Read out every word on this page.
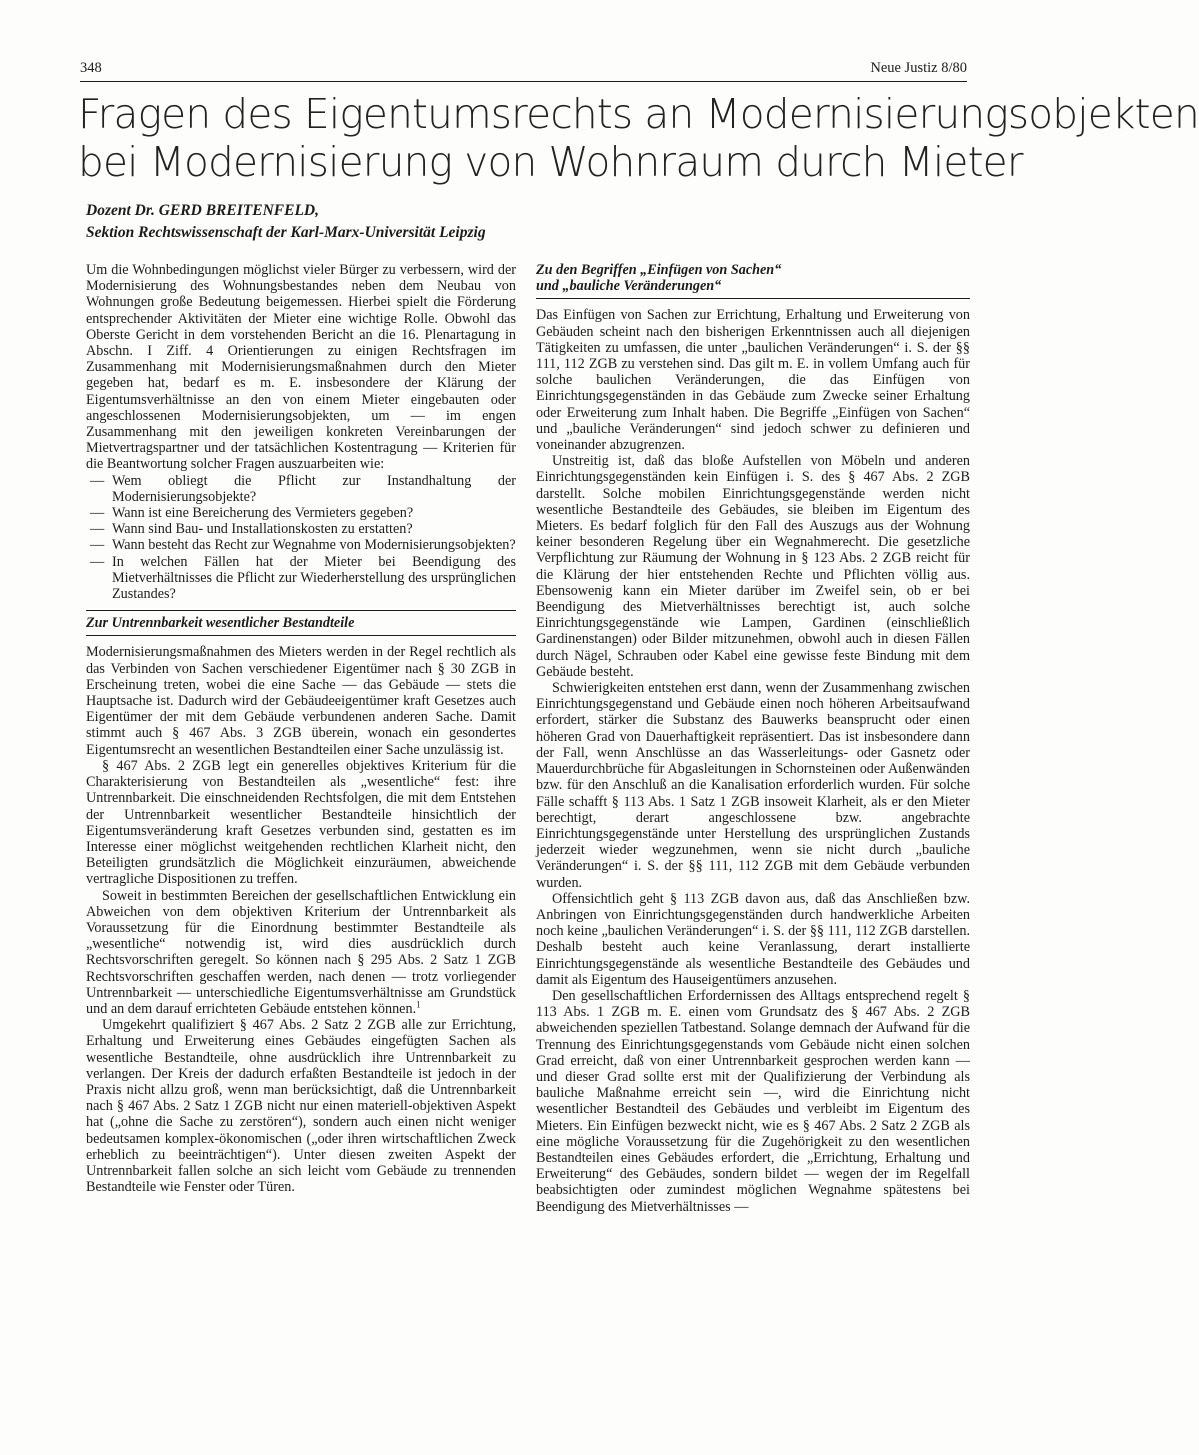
348	Neue Justiz 8/80
Fragen des Eigentumsrechts an Modernisierungsobjekten
bei Modernisierung von Wohnraum durch Mieter
Dozent Dr. GERD BREITENFELD,
Sektion Rechtswissenschaft der Karl-Marx-Universität Leipzig

Um die Wohnbedingungen möglichst vieler Bürger zu verbessern, wird der Modernisierung des Wohnungsbestandes neben dem Neubau von Wohnungen große Bedeutung beigemessen. Hierbei spielt die Förderung entsprechender Aktivitäten der Mieter eine wichtige Rolle. Obwohl das Oberste Gericht in dem vorstehenden Bericht an die 16. Plenartagung in Abschn. I Ziff. 4 Orientierungen zu einigen Rechtsfragen im Zusammenhang mit Modernisierungsmaßnahmen durch den Mieter gegeben hat, bedarf es m. E. insbesondere der Klärung der Eigentumsverhältnisse an den von einem Mieter eingebauten oder angeschlossenen Modernisierungsobjekten, um — im engen Zusammenhang mit den jeweiligen konkreten Vereinbarungen der Mietvertragspartner und der tatsächlichen Kostentragung — Kriterien für die Beantwortung solcher Fragen auszuarbeiten wie:

— Wem obliegt die Pflicht zur Instandhaltung der Modernisierungsobjekte?
— Wann ist eine Bereicherung des Vermieters gegeben?
— Wann sind Bau- und Installationskosten zu erstatten?
— Wann besteht das Recht zur Wegnahme von Modernisierungsobjekten?
— In welchen Fällen hat der Mieter bei Beendigung des Mietverhältnisses die Pflicht zur Wiederherstellung des ursprünglichen Zustandes?
Zur Untrennbarkeit wesentlicher Bestandteile

Modernisierungsmaßnahmen des Mieters werden in der Regel rechtlich als das Verbinden von Sachen verschiedener Eigentümer nach § 30 ZGB in Erscheinung treten, wobei die eine Sache — das Gebäude — stets die Hauptsache ist. Dadurch wird der Gebäudeeigentümer kraft Gesetzes auch Eigentümer der mit dem Gebäude verbundenen anderen Sache. Damit stimmt auch § 467 Abs. 3 ZGB überein, wonach ein gesondertes Eigentumsrecht an wesentlichen Bestandteilen einer Sache unzulässig ist.

§ 467 Abs. 2 ZGB legt ein generelles objektives Kriterium für die Charakterisierung von Bestandteilen als „wesentliche“ fest: ihre Untrennbarkeit. Die einschneidenden Rechtsfolgen, die mit dem Entstehen der Untrennbarkeit wesentlicher Bestandteile hinsichtlich der Eigentumsveränderung kraft Gesetzes verbunden sind, gestatten es im Interesse einer möglichst weitgehenden rechtlichen Klarheit nicht, den Beteiligten grundsätzlich die Möglichkeit einzuräumen, abweichende vertragliche Dispositionen zu treffen.

Soweit in bestimmten Bereichen der gesellschaftlichen Entwicklung ein Abweichen von dem objektiven Kriterium der Untrennbarkeit als Voraussetzung für die Einordnung bestimmter Bestandteile als „wesentliche“ notwendig ist, wird dies ausdrücklich durch Rechtsvorschriften geregelt. So können nach § 295 Abs. 2 Satz 1 ZGB Rechtsvorschriften geschaffen werden, nach denen — trotz vorliegender Untrennbarkeit — unterschiedliche Eigentumsverhältnisse am Grundstück und an dem darauf errichteten Gebäude entstehen können.$^1$

Umgekehrt qualifiziert § 467 Abs. 2 Satz 2 ZGB alle zur Errichtung, Erhaltung und Erweiterung eines Gebäudes eingefügten Sachen als wesentliche Bestandteile, ohne ausdrücklich ihre Untrennbarkeit zu verlangen. Der Kreis der dadurch erfaßten Bestandteile ist jedoch in der Praxis nicht allzu groß, wenn man berücksichtigt, daß die Untrennbarkeit nach § 467 Abs. 2 Satz 1 ZGB nicht nur einen materiell-objektiven Aspekt hat („ohne die Sache zu zerstören“), sondern auch einen nicht weniger bedeutsamen komplex-ökonomischen („oder ihren wirtschaftlichen Zweck erheblich zu beeinträchtigen“). Unter diesen zweiten Aspekt der Untrennbarkeit fallen solche an sich leicht vom Gebäude zu trennenden Bestandteile wie Fenster oder Türen.

Zu den Begriffen „Einfügen von Sachen“
und „bauliche Veränderungen“

Das Einfügen von Sachen zur Errichtung, Erhaltung und Erweiterung von Gebäuden scheint nach den bisherigen Erkenntnissen auch all diejenigen Tätigkeiten zu umfassen, die unter „baulichen Veränderungen“ i. S. der §§ 111, 112 ZGB zu verstehen sind. Das gilt m. E. in vollem Umfang auch für solche baulichen Veränderungen, die das Einfügen von Einrichtungsgegenständen in das Gebäude zum Zwecke seiner Erhaltung oder Erweiterung zum Inhalt haben. Die Begriffe „Einfügen von Sachen“ und „bauliche Veränderungen“ sind jedoch schwer zu definieren und voneinander abzugrenzen.

Unstreitig ist, daß das bloße Aufstellen von Möbeln und anderen Einrichtungsgegenständen kein Einfügen i. S. des § 467 Abs. 2 ZGB darstellt. Solche mobilen Einrichtungsgegenstände werden nicht wesentliche Bestandteile des Gebäudes, sie bleiben im Eigentum des Mieters. Es bedarf folglich für den Fall des Auszugs aus der Wohnung keiner besonderen Regelung über ein Wegnahmerecht. Die gesetzliche Verpflichtung zur Räumung der Wohnung in § 123 Abs. 2 ZGB reicht für die Klärung der hier entstehenden Rechte und Pflichten völlig aus. Ebensowenig kann ein Mieter darüber im Zweifel sein, ob er bei Beendigung des Mietverhältnisses berechtigt ist, auch solche Einrichtungsgegenstände wie Lampen, Gardinen (einschließlich Gardinenstangen) oder Bilder mitzunehmen, obwohl auch in diesen Fällen durch Nägel, Schrauben oder Kabel eine gewisse feste Bindung mit dem Gebäude besteht.

Schwierigkeiten entstehen erst dann, wenn der Zusammenhang zwischen Einrichtungsgegenstand und Gebäude einen noch höheren Arbeitsaufwand erfordert, stärker die Substanz des Bauwerks beansprucht oder einen höheren Grad von Dauerhaftigkeit repräsentiert. Das ist insbesondere dann der Fall, wenn Anschlüsse an das Wasserleitungs- oder Gasnetz oder Mauerdurchbrüche für Abgasleitungen in Schornsteinen oder Außenwänden bzw. für den Anschluß an die Kanalisation erforderlich wurden. Für solche Fälle schafft § 113 Abs. 1 Satz 1 ZGB insoweit Klarheit, als er den Mieter berechtigt, derart angeschlossene bzw. angebrachte Einrichtungsgegenstände unter Herstellung des ursprünglichen Zustands jederzeit wieder wegzunehmen, wenn sie nicht durch „bauliche Veränderungen“ i. S. der §§ 111, 112 ZGB mit dem Gebäude verbunden wurden.

Offensichtlich geht § 113 ZGB davon aus, daß das Anschließen bzw. Anbringen von Einrichtungsgegenständen durch handwerkliche Arbeiten noch keine „baulichen Veränderungen“ i. S. der §§ 111, 112 ZGB darstellen. Deshalb besteht auch keine Veranlassung, derart installierte Einrichtungsgegenstände als wesentliche Bestandteile des Gebäudes und damit als Eigentum des Hauseigentümers anzusehen.

Den gesellschaftlichen Erfordernissen des Alltags entsprechend regelt § 113 Abs. 1 ZGB m. E. einen vom Grundsatz des § 467 Abs. 2 ZGB abweichenden speziellen Tatbestand. Solange demnach der Aufwand für die Trennung des Einrichtungsgegenstands vom Gebäude nicht einen solchen Grad erreicht, daß von einer Untrennbarkeit gesprochen werden kann — und dieser Grad sollte erst mit der Qualifizierung der Verbindung als bauliche Maßnahme erreicht sein —, wird die Einrichtung nicht wesentlicher Bestandteil des Gebäudes und verbleibt im Eigentum des Mieters. Ein Einfügen bezweckt nicht, wie es § 467 Abs. 2 Satz 2 ZGB als eine mögliche Voraussetzung für die Zugehörigkeit zu den wesentlichen Bestandteilen eines Gebäudes erfordert, die „Errichtung, Erhaltung und Erweiterung“ des Gebäudes, sondern bildet — wegen der im Regelfall beabsichtigten oder zumindest möglichen Wegnahme spätestens bei Beendigung des Mietverhältnisses —
